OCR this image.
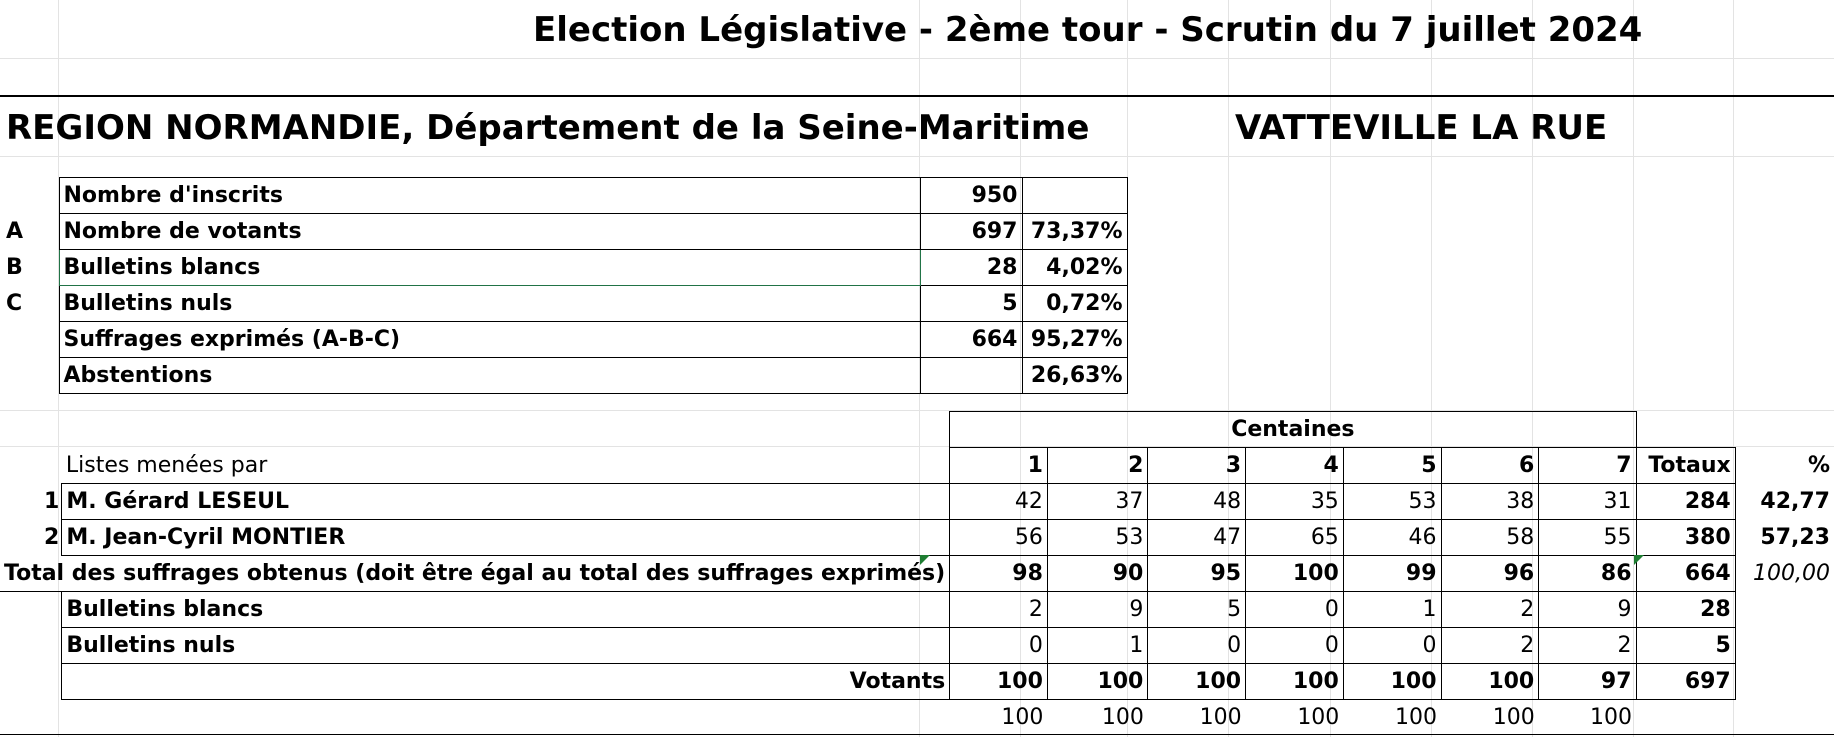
Election Législative - 2ème tour - Scrutin du 7 juillet 2024
REGION NORMANDIE, Département de la Seine-Maritime	VATTEVILLE LA RUE
	Nombre d'inscrits	950	
A	Nombre de votants	697	73,37%
B	Bulletins blancs	28	4,02%
C	Bulletins nuls	5	0,72%
	Suffrages exprimés (A-B-C)	664	95,27%
	Abstentions		26,63%
		Centaines								
	Listes menées par	1	2	3	4	5	6	7	Totaux	%
1	M. Gérard LESEUL	42	37	48	35	53	38	31	284	42,77
2	M. Jean-Cyril MONTIER	56	53	47	65	46	58	55	380	57,23
Total des suffrages obtenus (doit être égal au total des suffrages exprimés)		98	90	95	100	99	96	86	664	100,00
	Bulletins blancs	2	9	5	0	1	2	9	28	
	Bulletins nuls	0	1	0	0	0	2	2	5	
	Votants	100	100	100	100	100	100	97	697	
		100	100	100	100	100	100	100		
